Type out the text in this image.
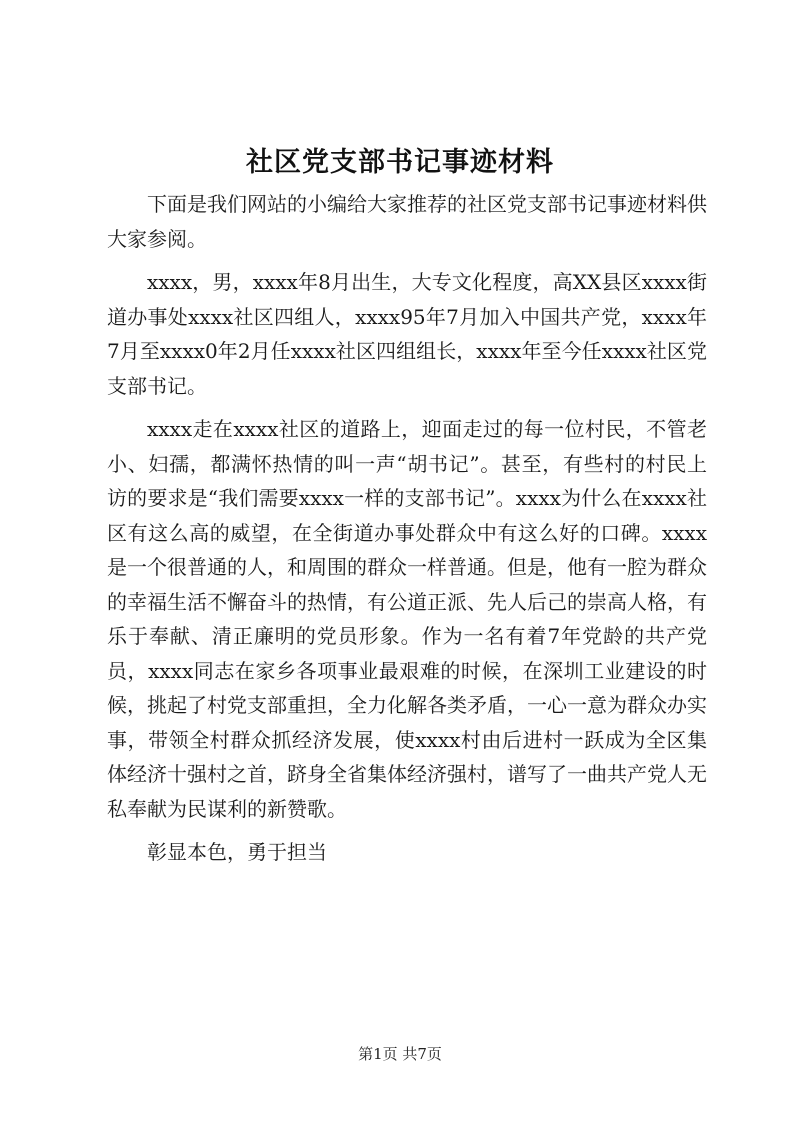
社区党支部书记事迹材料

下面是我们网站的小编给大家推荐的社区党支部书记事迹材料供大家参阅。

xxxx，男，xxxx年8月出生，大专文化程度，高XX县区xxxx街道办事处xxxx社区四组人，xxxx95年7月加入中国共产党，xxxx年7月至xxxx0年2月任xxxx社区四组组长，xxxx年至今任xxxx社区党支部书记。

xxxx走在xxxx社区的道路上，迎面走过的每一位村民，不管老小、妇孺，都满怀热情的叫一声“胡书记”。甚至，有些村的村民上访的要求是“我们需要xxxx一样的支部书记”。xxxx为什么在xxxx社区有这么高的威望，在全街道办事处群众中有这么好的口碑。xxxx是一个很普通的人，和周围的群众一样普通。但是，他有一腔为群众的幸福生活不懈奋斗的热情，有公道正派、先人后己的崇高人格，有乐于奉献、清正廉明的党员形象。作为一名有着7年党龄的共产党员，xxxx同志在家乡各项事业最艰难的时候，在深圳工业建设的时候，挑起了村党支部重担，全力化解各类矛盾，一心一意为群众办实事，带领全村群众抓经济发展，使xxxx村由后进村一跃成为全区集体经济十强村之首，跻身全省集体经济强村，谱写了一曲共产党人无私奉献为民谋利的新赞歌。

彰显本色，勇于担当

第1页 共7页
